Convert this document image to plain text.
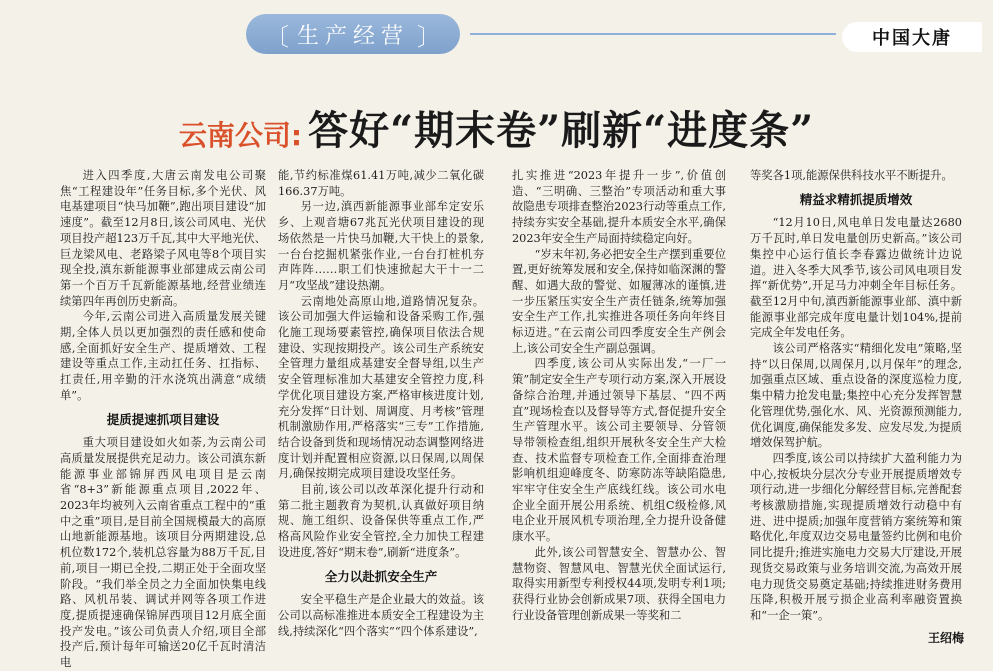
〔 生产经营 〕	中国大唐
云南公司: 答好“期末卷”刷新“进度条”

进入四季度,大唐云南发电公司聚焦“工程建设年”任务目标,多个光伏、风电基建项目“快马加鞭”,跑出项目建设“加速度”。截至12月8日,该公司风电、光伏项目投产超123万千瓦,其中大平地光伏、巨龙梁风电、老路梁子风电等8个项目实现全投,滇东新能源事业部建成云南公司第一个百万千瓦新能源基地,经营业绩连续第四年再创历史新高。

今年,云南公司进入高质量发展关键期,全体人员以更加强烈的责任感和使命感,全面抓好安全生产、提质增效、工程建设等重点工作,主动扛任务、扛指标、扛责任,用辛勤的汗水浇筑出满意“成绩单”。

提质提速抓项目建设

重大项目建设如火如荼,为云南公司高质量发展提供充足动力。该公司滇东新能源事业部锦屏西风电项目是云南省“8+3”新能源重点项目,2022年、2023年均被列入云南省重点工程中的“重中之重”项目,是目前全国规模最大的高原山地新能源基地。该项目分两期建设,总机位数172个,装机总容量为88万千瓦,目前,项目一期已全投,二期正处于全面攻坚阶段。“我们举全员之力全面加快集电线路、风机吊装、调试并网等各项工作进度,提质提速确保锦屏西项目12月底全面投产发电。”该公司负责人介绍,项目全部投产后,预计每年可输送20亿千瓦时清洁电

能,节约标准煤61.41万吨,减少二氧化碳166.37万吨。

另一边,滇西新能源事业部牟定安乐乡、上观音塘67兆瓦光伏项目建设的现场依然是一片快马加鞭,大干快上的景象,一台台挖掘机紧张作业,一台台打桩机夯声阵阵……职工们快速掀起大干十一二月“攻坚战”建设热潮。

云南地处高原山地,道路情况复杂。该公司加强大件运输和设备采购工作,强化施工现场要素管控,确保项目依法合规建设、实现按期投产。该公司生产系统安全管理力量组成基建安全督导组,以生产安全管理标准加大基建安全管控力度,科学优化项目建设方案,严格审核进度计划,充分发挥“日计划、周调度、月考核”管理机制激励作用,严格落实“三专”工作措施,结合设备到货和现场情况动态调整网络进度计划并配置相应资源,以日保周,以周保月,确保按期完成项目建设攻坚任务。

目前,该公司以改革深化提升行动和第二批主题教育为契机,认真做好项目纳规、施工组织、设备保供等重点工作,严格高风险作业安全管控,全力加快工程建设进度,答好“期末卷”,刷新“进度条”。

全力以赴抓安全生产

安全平稳生产是企业最大的效益。该公司以高标准推进本质安全工程建设为主线,持续深化“四个落实”“四个体系建设”,

扎实推进“2023年提升一步”,价值创造、“三明确、三整治”专项活动和重大事故隐患专项排查整治2023行动等重点工作,持续夯实安全基础,提升本质安全水平,确保2023年安全生产局面持续稳定向好。

“岁末年初,务必把安全生产摆到重要位置,更好统筹发展和安全,保持如临深渊的警醒、如遇大敌的警觉、如履薄冰的谨慎,进一步压紧压实安全生产责任链条,统筹加强安全生产工作,扎实推进各项任务向年终目标迈进。”在云南公司四季度安全生产例会上,该公司安全生产副总强调。

四季度,该公司从实际出发,“一厂一策”制定安全生产专项行动方案,深入开展设备综合治理,并通过领导下基层、“四不两直”现场检查以及督导等方式,督促提升安全生产管理水平。该公司主要领导、分管领导带领检查组,组织开展秋冬安全生产大检查、技术监督专项检查工作,全面排查治理影响机组迎峰度冬、防寒防冻等缺陷隐患,牢牢守住安全生产底线红线。该公司水电企业全面开展公用系统、机组C级检修,风电企业开展风机专项治理,全力提升设备健康水平。

此外,该公司智慧安全、智慧办公、智慧物资、智慧风电、智慧光伏全面试运行,取得实用新型专利授权44项,发明专利1项;获得行业协会创新成果7项、获得全国电力行业设备管理创新成果一等奖和二

等奖各1项,能源保供科技水平不断提升。

精益求精抓提质增效

“12月10日,风电单日发电量达2680万千瓦时,单日发电量创历史新高。”该公司集控中心运行值长李春露边做统计边说道。进入冬季大风季节,该公司风电项目发挥“新优势”,开足马力冲刺全年目标任务。截至12月中旬,滇西新能源事业部、滇中新能源事业部完成年度电量计划104%,提前完成全年发电任务。

该公司严格落实“精细化发电”策略,坚持“以日保周,以周保月,以月保年”的理念,加强重点区域、重点设备的深度巡检力度,集中精力抢发电量;集控中心充分发挥智慧化管理优势,强化水、风、光资源预测能力,优化调度,确保能发多发、应发尽发,为提质增效保驾护航。

四季度,该公司以持续扩大盈利能力为中心,按板块分层次分专业开展提质增效专项行动,进一步细化分解经营目标,完善配套考核激励措施,实现提质增效行动稳中有进、进中提质;加强年度营销方案统筹和策略优化,年度双边交易电量签约比例和电价同比提升;推进实施电力交易大厅建设,开展现货交易政策与业务培训交流,为高效开展电力现货交易奠定基础;持续推进财务费用压降,积极开展亏损企业高利率融资置换和“一企一策”。

王绍梅
